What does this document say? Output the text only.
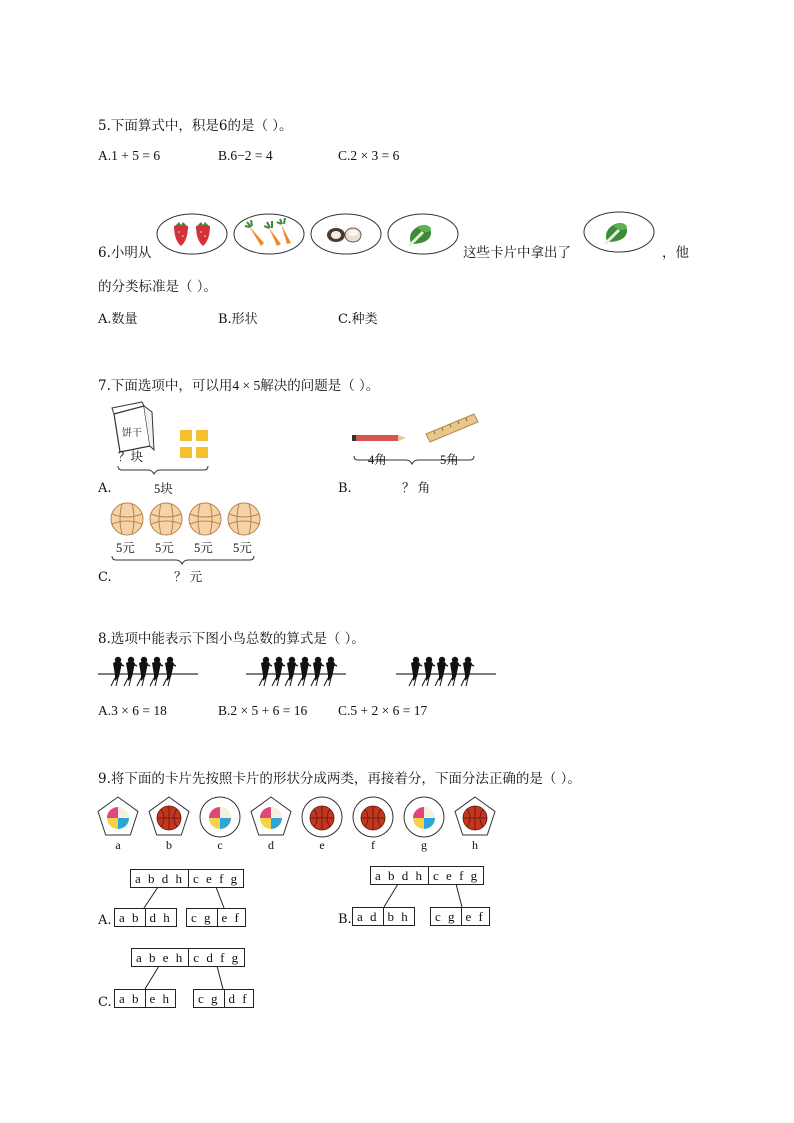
5.下面算式中，积是6的是（ ）。
A.1 + 5 = 6	B.6−2 = 4	C.2 × 3 = 6
6.小明从	这些卡片中拿出了	，他
的分类标准是（ ）。
A.数量	B.形状	C.种类
7.下面选项中，可以用4 × 5解决的问题是（ ）。
饼干
？块
5块
A.
4角	5角
？ 角
B.
5元 5元 5元 5元
？ 元
C.
8.选项中能表示下图小鸟总数的算式是（ ）。
A.3 × 6 = 18	B.2 × 5 + 6 = 16 C.5 + 2 × 6 = 17
9.将下面的卡片先按照卡片的形状分成两类，再接着分，下面分法正确的是（ ）。
a	b	c	d	e	f	g	h
a b d h c e f g
a b d h	c g e f
A.
a b d h c e f g
a d b h	c g e f
B.
a b e h c d f g
a b e h	c g d f
C.
